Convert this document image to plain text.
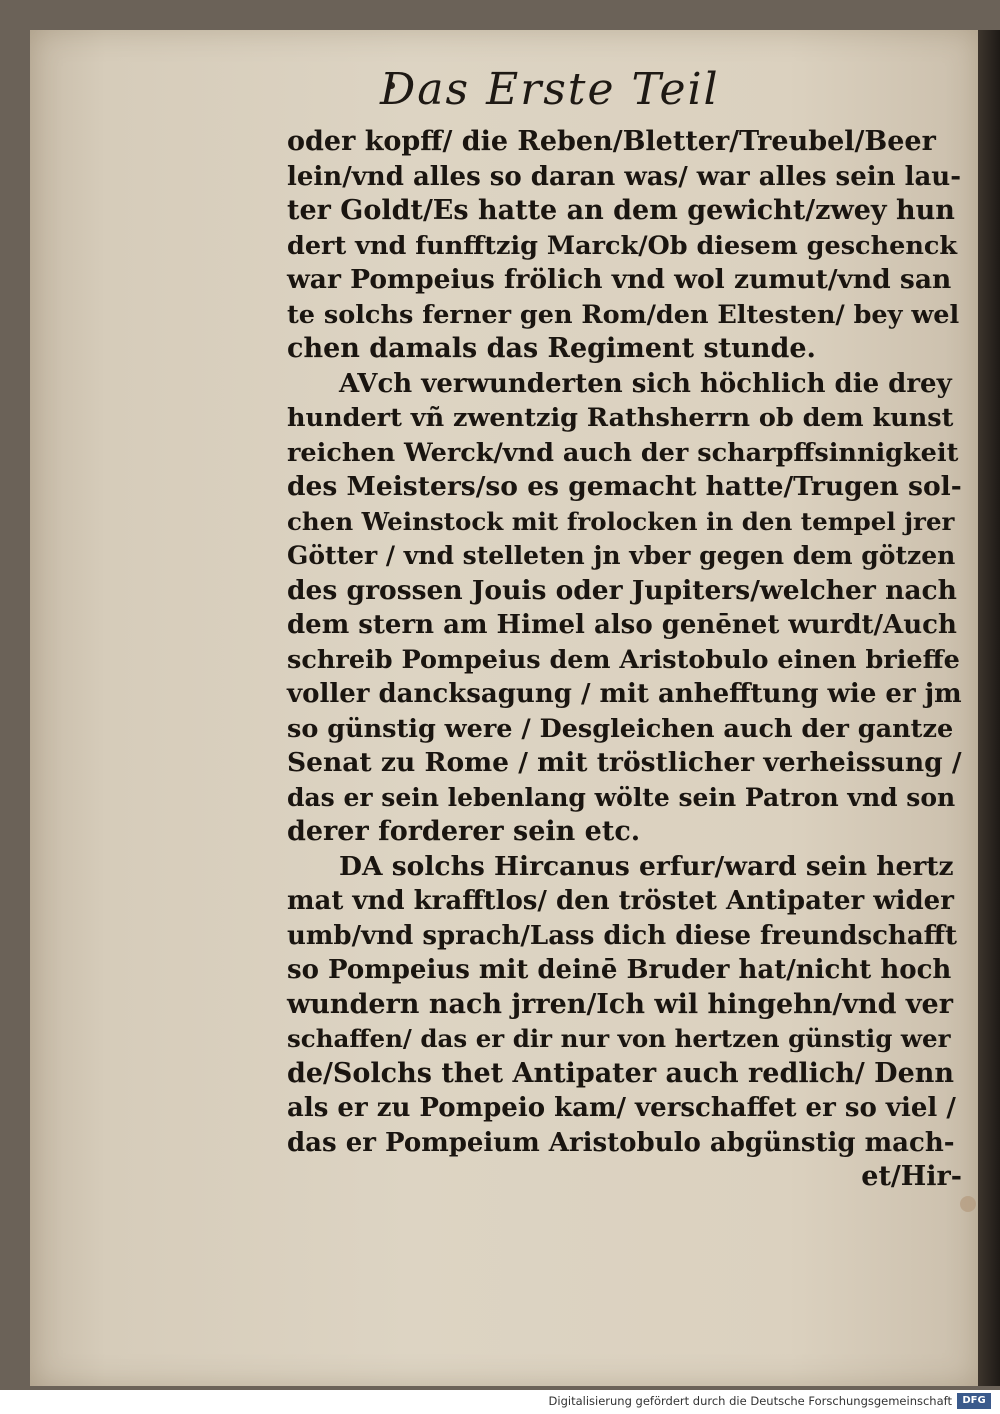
Das Erste Teil
oder kopff/ die Reben/Bletter/Treubel/Beer
lein/vnd alles so daran was/ war alles sein lau-
ter Goldt/Es hatte an dem gewicht/zwey hun
dert vnd funfftzig Marck/Ob diesem geschenck
war Pompeius frölich vnd wol zumut/vnd san
te solchs ferner gen Rom/den Eltesten/ bey wel
chen damals das Regiment stunde.
AVch verwunderten sich höchlich die drey
hundert vñ zwentzig Rathsherrn ob dem kunst
reichen Werck/vnd auch der scharpffsinnigkeit
des Meisters/so es gemacht hatte/Trugen sol-
chen Weinstock mit frolocken in den tempel jrer
Götter / vnd stelleten jn vber gegen dem götzen
des grossen Jouis oder Jupiters/welcher nach
dem stern am Himel also genēnet wurdt/Auch
schreib Pompeius dem Aristobulo einen brieffe
voller dancksagung / mit anhefftung wie er jm
so günstig were / Desgleichen auch der gantze
Senat zu Rome / mit tröstlicher verheissung /
das er sein lebenlang wölte sein Patron vnd son
derer forderer sein etc.
DA solchs Hircanus erfur/ward sein hertz
mat vnd krafftlos/ den tröstet Antipater wider
umb/vnd sprach/Lass dich diese freundschafft
so Pompeius mit deinē Bruder hat/nicht hoch
wundern nach jrren/Ich wil hingehn/vnd ver
schaffen/ das er dir nur von hertzen günstig wer
de/Solchs thet Antipater auch redlich/ Denn
als er zu Pompeio kam/ verschaffet er so viel /
das er Pompeium Aristobulo abgünstig mach-
et/Hir-
Digitalisierung gefördert durch die Deutsche Forschungsgemeinschaft	DFG
